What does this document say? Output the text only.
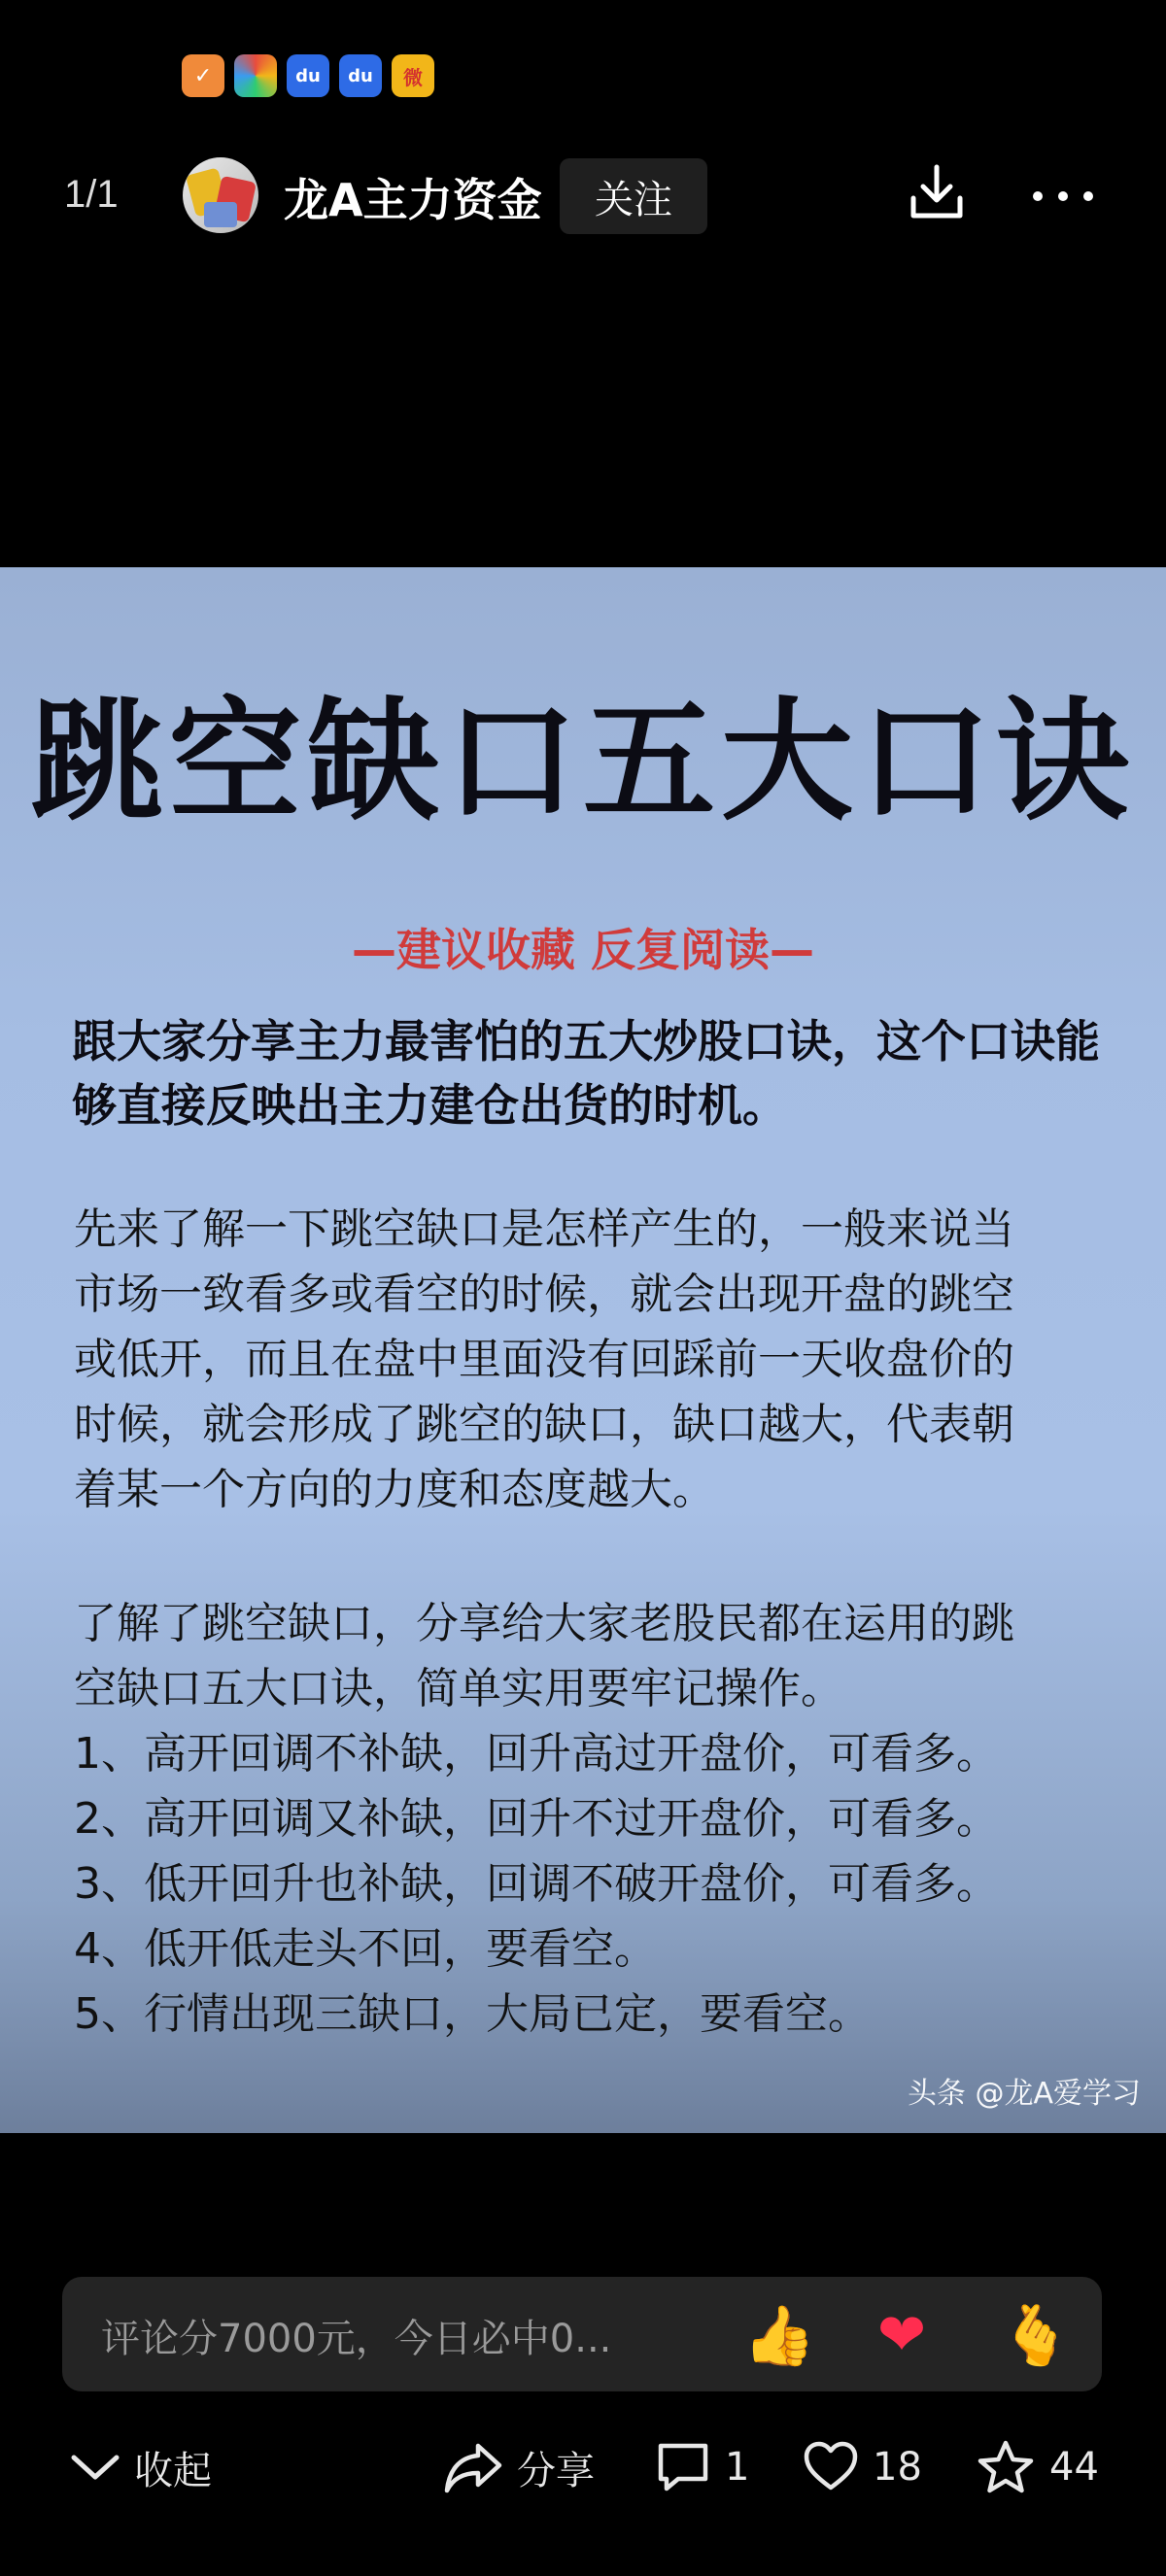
✓	du	du	微
1/1	龙A主力资金	关注
跳空缺口五大口诀
—建议收藏 反复阅读—
跟大家分享主力最害怕的五大炒股口诀，这个口诀能够直接反映出主力建仓出货的时机。
先来了解一下跳空缺口是怎样产生的，一般来说当
市场一致看多或看空的时候，就会出现开盘的跳空
或低开，而且在盘中里面没有回踩前一天收盘价的
时候，就会形成了跳空的缺口，缺口越大，代表朝
着某一个方向的力度和态度越大。
了解了跳空缺口，分享给大家老股民都在运用的跳
空缺口五大口诀，简单实用要牢记操作。
1、高开回调不补缺，回升高过开盘价，可看多。
2、高开回调又补缺，回升不过开盘价，可看多。
3、低开回升也补缺，回调不破开盘价，可看多。
4、低开低走头不回，要看空。
5、行情出现三缺口，大局已定，要看空。
头条 @龙A爱学习
评论分7000元，今日必中0... 👍 ❤ 🫰
收起	分享	1	18	44
